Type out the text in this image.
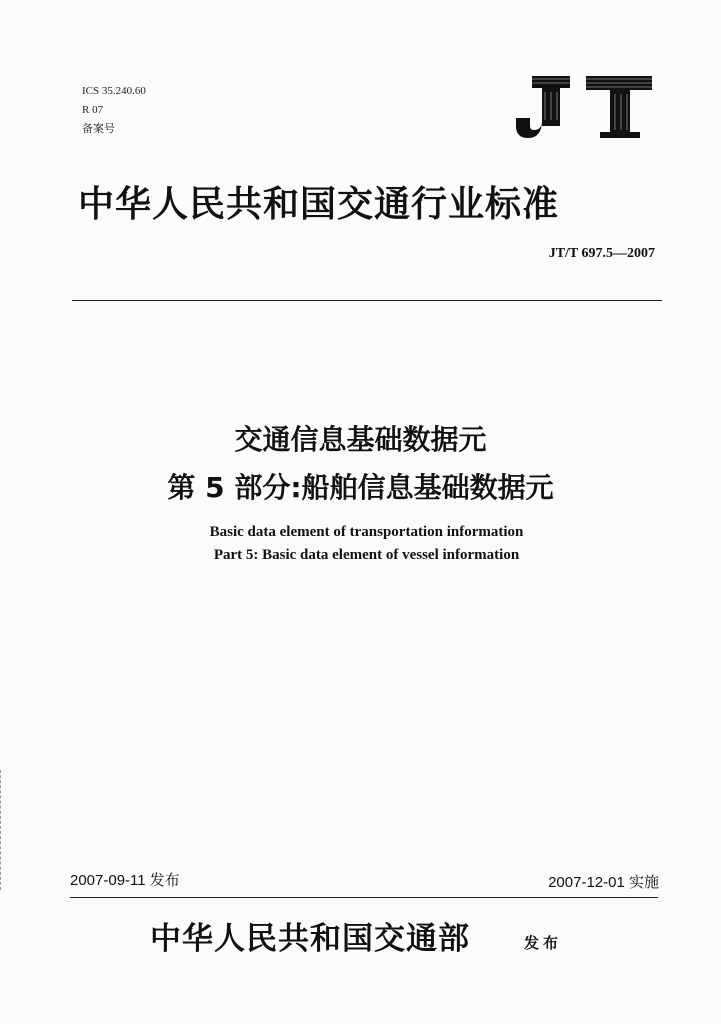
ICS 35.240.60
R 07
备案号
中华人民共和国交通行业标准
JT/T 697.5—2007
交通信息基础数据元
第 5 部分:船舶信息基础数据元
Basic data element of transportation information
Part 5: Basic data element of vessel information
2007-09-11 发布	2007-12-01 实施
中华人民共和国交通部	发布
